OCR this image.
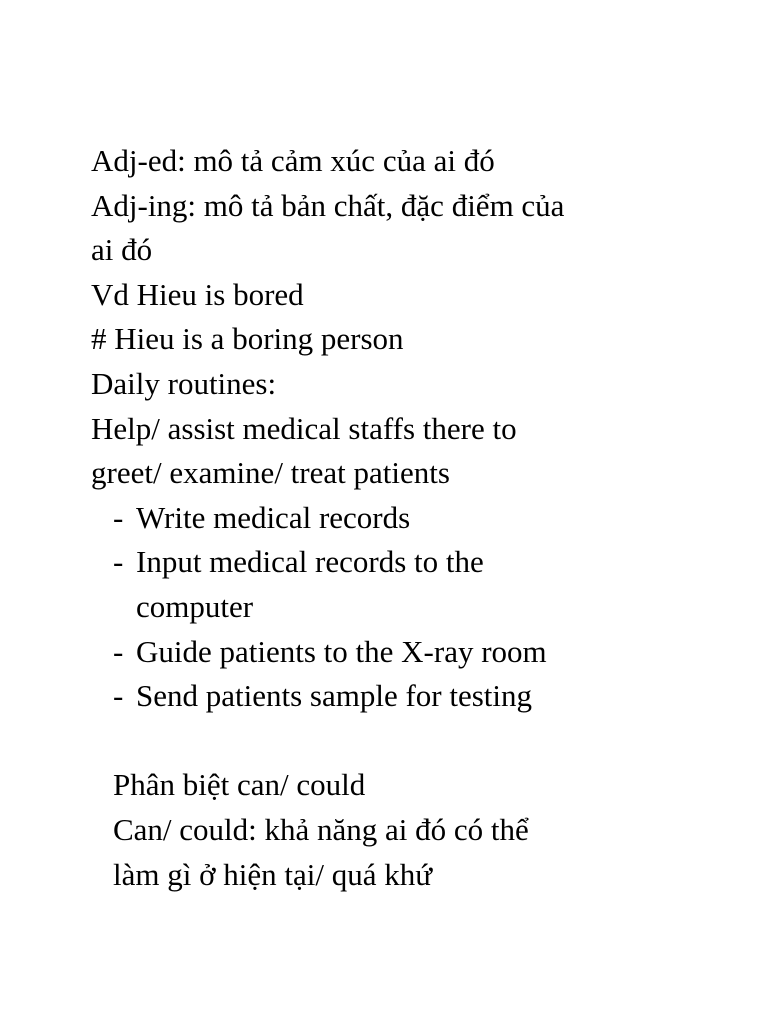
Adj-ed: mô tả cảm xúc của ai đó
Adj-ing: mô tả bản chất, đặc điểm của
ai đó
Vd Hieu is bored
# Hieu is a boring person
Daily routines:
Help/ assist medical staffs there to
greet/ examine/ treat patients
- Write medical records
- Input medical records to the
computer
- Guide patients to the X-ray room
- Send patients sample for testing
Phân biệt can/ could
Can/ could: khả năng ai đó có thể
làm gì ở hiện tại/ quá khứ
